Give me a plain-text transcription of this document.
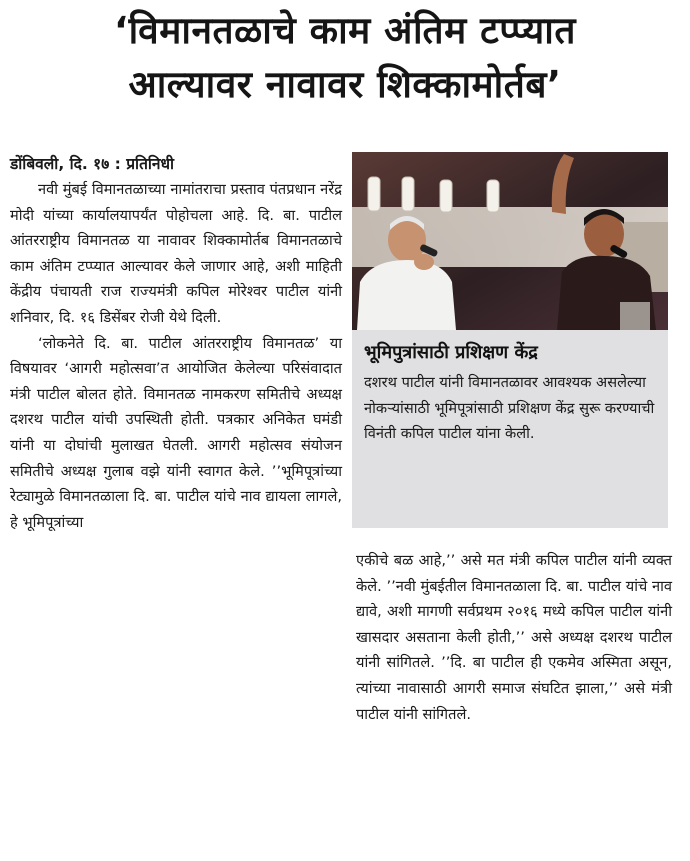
‘विमानतळाचे काम अंतिम टप्प्यात
आल्यावर नावावर शिक्कामोर्तब’
डोंबिवली, दि. १७ : प्रतिनिधी

नवी मुंबई विमानतळाच्या नामांतराचा प्रस्ताव पंतप्रधान नरेंद्र मोदी यांच्या कार्यालयापर्यंत पोहोचला आहे. दि. बा. पाटील आंतरराष्ट्रीय विमानतळ या नावावर शिक्कामोर्तब विमानतळाचे काम अंतिम टप्प्यात आल्यावर केले जाणार आहे, अशी माहिती केंद्रीय पंचायती राज राज्यमंत्री कपिल मोरेश्वर पाटील यांनी शनिवार, दि. १६ डिसेंबर रोजी येथे दिली.

‘लोकनेते दि. बा. पाटील आंतरराष्ट्रीय विमानतळ’ या विषयावर ‘आगरी महोत्सवा’त आयोजित केलेल्या परिसंवादात मंत्री पाटील बोलत होते. विमानतळ नामकरण समितीचे अध्यक्ष दशरथ पाटील यांची उपस्थिती होती. पत्रकार अनिकेत घमंडी यांनी या दोघांची मुलाखत घेतली. आगरी महोत्सव संयोजन समितीचे अध्यक्ष गुलाब वझे यांनी स्वागत केले. ’’भूमिपूत्रांच्या रेट्यामुळे विमानतळाला दि. बा. पाटील यांचे नाव द्यायला लागले, हे भूमिपूत्रांच्या

भूमिपुत्रांसाठी प्रशिक्षण केंद्र
दशरथ पाटील यांनी विमानतळावर आवश्यक असलेल्या नोकऱ्यांसाठी भूमिपूत्रांसाठी प्रशिक्षण केंद्र सुरू करण्याची विनंती कपिल पाटील यांना केली.

एकीचे बळ आहे,’’ असे मत मंत्री कपिल पाटील यांनी व्यक्त केले. ’’नवी मुंबईतील विमानतळाला दि. बा. पाटील यांचे नाव द्यावे, अशी मागणी सर्वप्रथम २०१६ मध्ये कपिल पाटील यांनी खासदार असताना केली होती,’’ असे अध्यक्ष दशरथ पाटील यांनी सांगितले. ’’दि. बा पाटील ही एकमेव अस्मिता असून, त्यांच्या नावासाठी आगरी समाज संघटित झाला,’’ असे मंत्री पाटील यांनी सांगितले.
